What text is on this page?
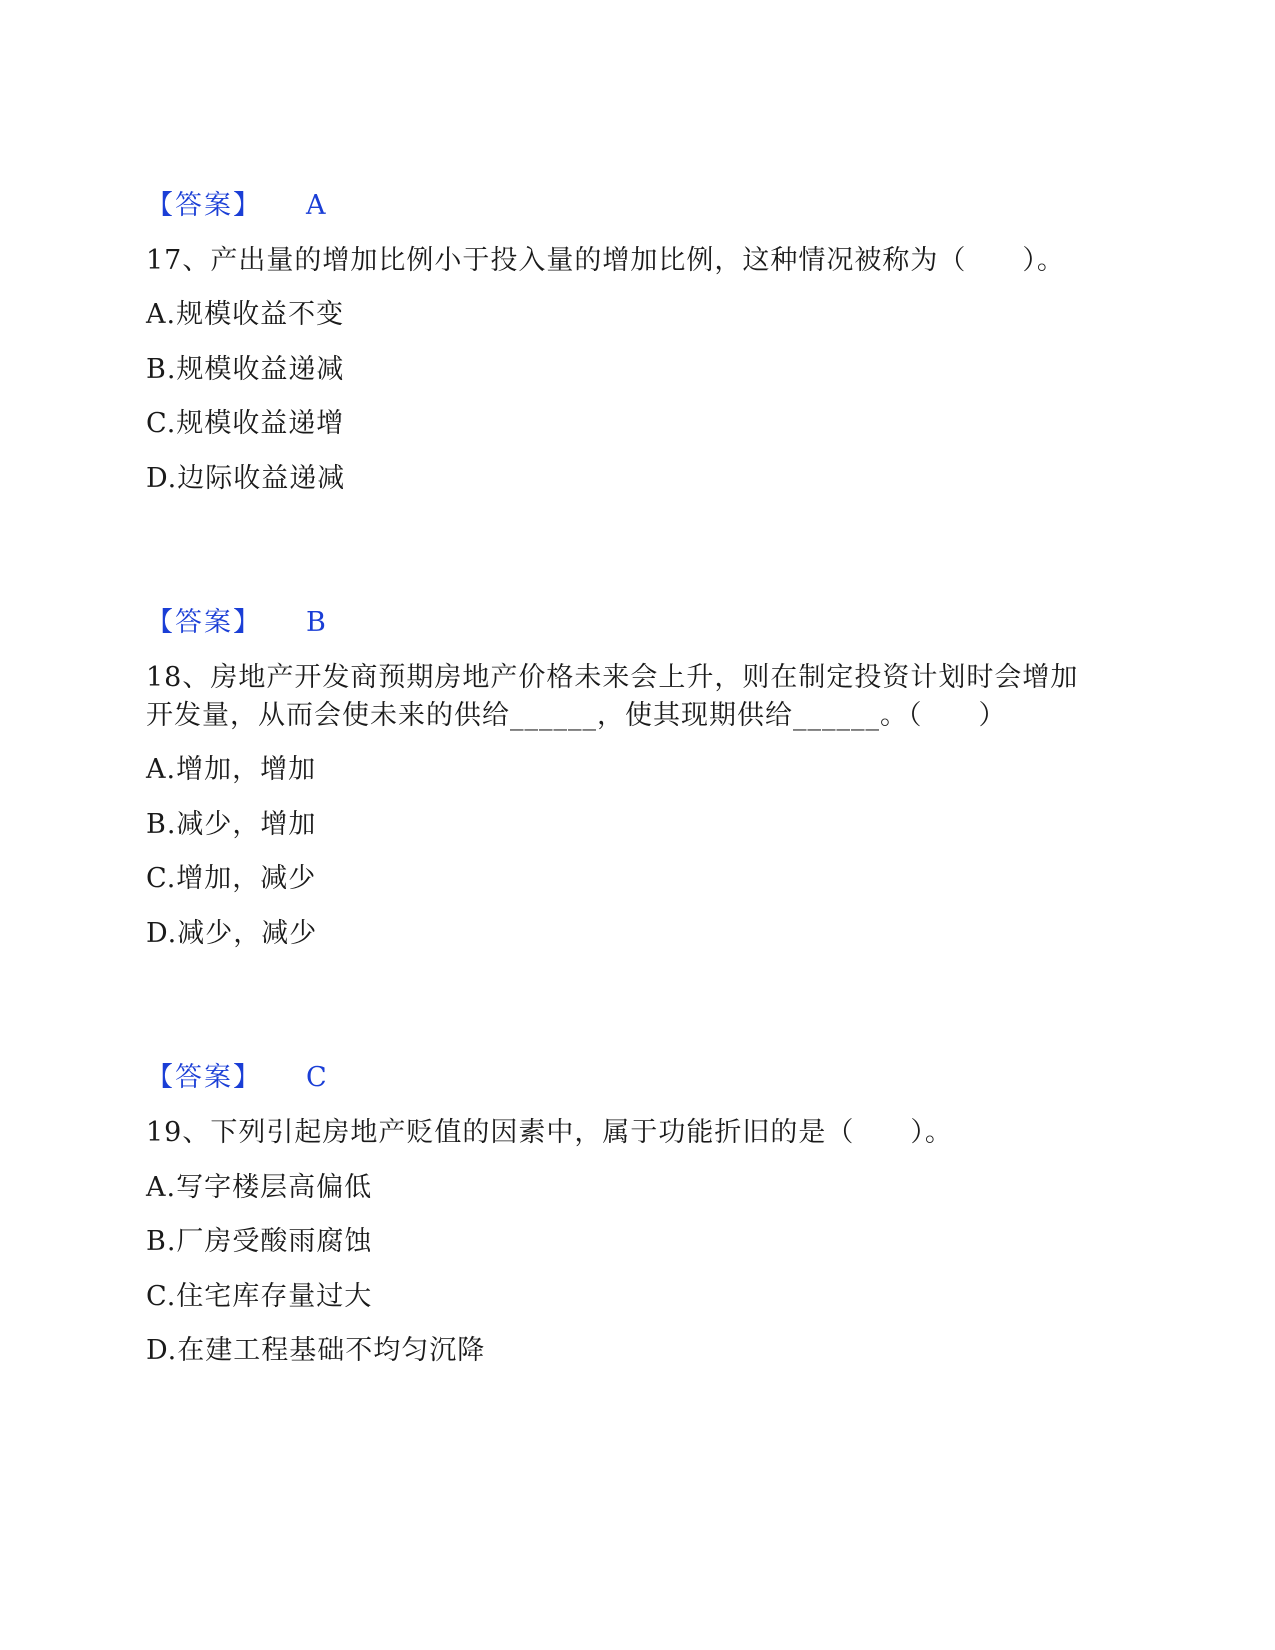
【答案】 A
17、产出量的增加比例小于投入量的增加比例，这种情况被称为（　　）。
A.规模收益不变
B.规模收益递减
C.规模收益递增
D.边际收益递减
【答案】 B
18、房地产开发商预期房地产价格未来会上升，则在制定投资计划时会增加
开发量，从而会使未来的供给______，使其现期供给______。（　　）
A.增加，增加
B.减少，增加
C.增加，减少
D.减少，减少
【答案】 C
19、下列引起房地产贬值的因素中，属于功能折旧的是（　　）。
A.写字楼层高偏低
B.厂房受酸雨腐蚀
C.住宅库存量过大
D.在建工程基础不均匀沉降
